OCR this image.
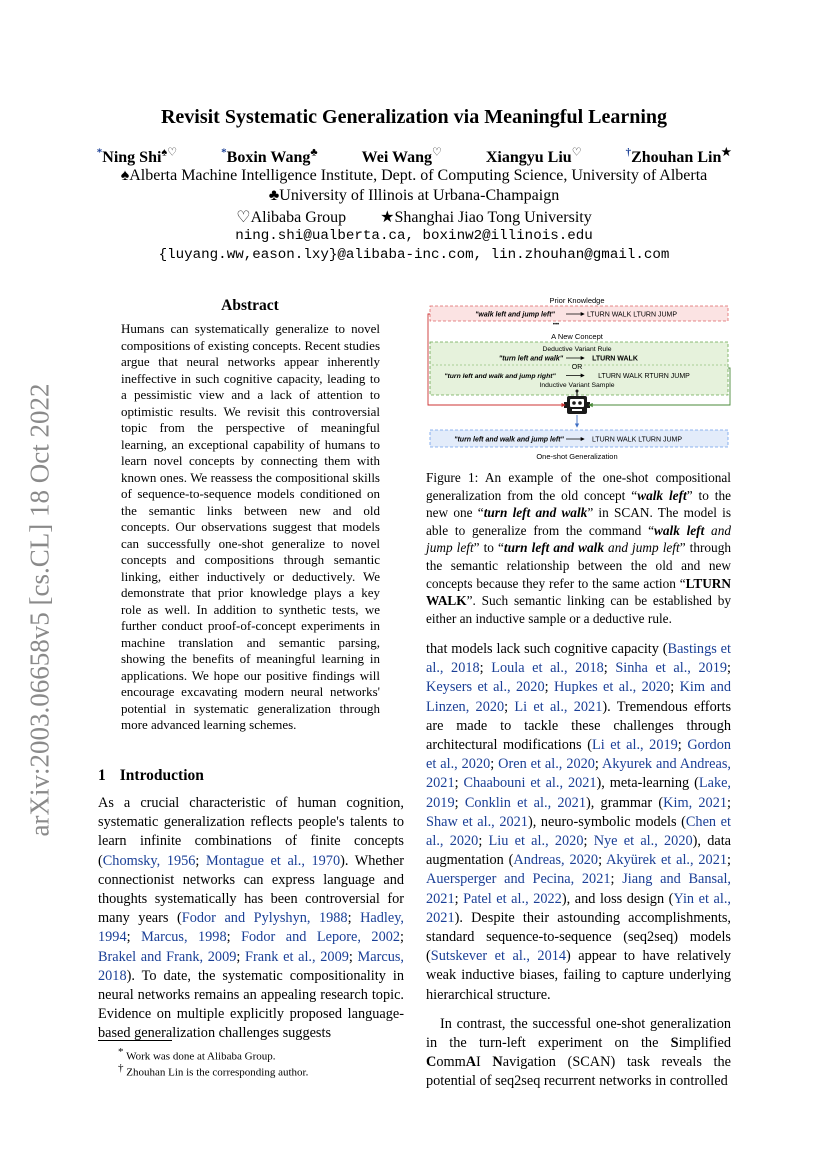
Revisit Systematic Generalization via Meaningful Learning
*Ning Shi♠♡	*Boxin Wang♣	Wei Wang♡	Xiangyu Liu♡	†Zhouhan Lin★
♠Alberta Machine Intelligence Institute, Dept. of Computing Science, University of Alberta
♣University of Illinois at Urbana-Champaign
♡Alibaba Group ★Shanghai Jiao Tong University
ning.shi@ualberta.ca, boxinw2@illinois.edu
{luyang.ww,eason.lxy}@alibaba-inc.com, lin.zhouhan@gmail.com
arXiv:2003.06658v5 [cs.CL] 18 Oct 2022
Abstract
Humans can systematically generalize to novel compositions of existing concepts. Recent studies argue that neural networks appear inherently ineffective in such cognitive capacity, leading to a pessimistic view and a lack of attention to optimistic results. We revisit this controversial topic from the perspective of meaningful learning, an exceptional capability of humans to learn novel concepts by connecting them with known ones. We reassess the compositional skills of sequence-to-sequence models conditioned on the semantic links between new and old concepts. Our observations suggest that models can successfully one-shot generalize to novel concepts and compositions through semantic linking, either inductively or deductively. We demonstrate that prior knowledge plays a key role as well. In addition to synthetic tests, we further conduct proof-of-concept experiments in machine translation and semantic parsing, showing the benefits of meaningful learning in applications. We hope our positive findings will encourage excavating modern neural networks' potential in systematic generalization through more advanced learning schemes.
1 Introduction
As a crucial characteristic of human cognition, systematic generalization reflects people's talents to learn infinite combinations of finite concepts (Chomsky, 1956; Montague et al., 1970). Whether connectionist networks can express language and thoughts systematically has been controversial for many years (Fodor and Pylyshyn, 1988; Hadley, 1994; Marcus, 1998; Fodor and Lepore, 2002; Brakel and Frank, 2009; Frank et al., 2009; Marcus, 2018). To date, the systematic compositionality in neural networks remains an appealing research topic. Evidence on multiple explicitly proposed language-based generalization challenges suggests
* Work was done at Alibaba Group.
† Zhouhan Lin is the corresponding author.
Prior Knowledge
"walk left and jump left"	LTURN WALK LTURN JUMP
•••
A New Concept
Deductive Variant Rule
"turn left and walk"	LTURN WALK
OR
"turn left and walk and jump right"	LTURN WALK RTURN JUMP
Inductive Variant Sample
"turn left and walk and jump left"	LTURN WALK LTURN JUMP
One-shot Generalization
Figure 1: An example of the one-shot compositional generalization from the old concept “walk left” to the new one “turn left and walk” in SCAN. The model is able to generalize from the command “walk left and jump left” to “turn left and walk and jump left” through the semantic relationship between the old and new concepts because they refer to the same action “LTURN WALK”. Such semantic linking can be established by either an inductive sample or a deductive rule.

that models lack such cognitive capacity (Bastings et al., 2018; Loula et al., 2018; Sinha et al., 2019; Keysers et al., 2020; Hupkes et al., 2020; Kim and Linzen, 2020; Li et al., 2021). Tremendous efforts are made to tackle these challenges through architectural modifications (Li et al., 2019; Gordon et al., 2020; Oren et al., 2020; Akyurek and Andreas, 2021; Chaabouni et al., 2021), meta-learning (Lake, 2019; Conklin et al., 2021), grammar (Kim, 2021; Shaw et al., 2021), neuro-symbolic models (Chen et al., 2020; Liu et al., 2020; Nye et al., 2020), data augmentation (Andreas, 2020; Akyürek et al., 2021; Auersperger and Pecina, 2021; Jiang and Bansal, 2021; Patel et al., 2022), and loss design (Yin et al., 2021). Despite their astounding accomplishments, standard sequence-to-sequence (seq2seq) models (Sutskever et al., 2014) appear to have relatively weak inductive biases, failing to capture underlying hierarchical structure.

In contrast, the successful one-shot generalization in the turn-left experiment on the Simplified CommAI Navigation (SCAN) task reveals the potential of seq2seq recurrent networks in controlled
